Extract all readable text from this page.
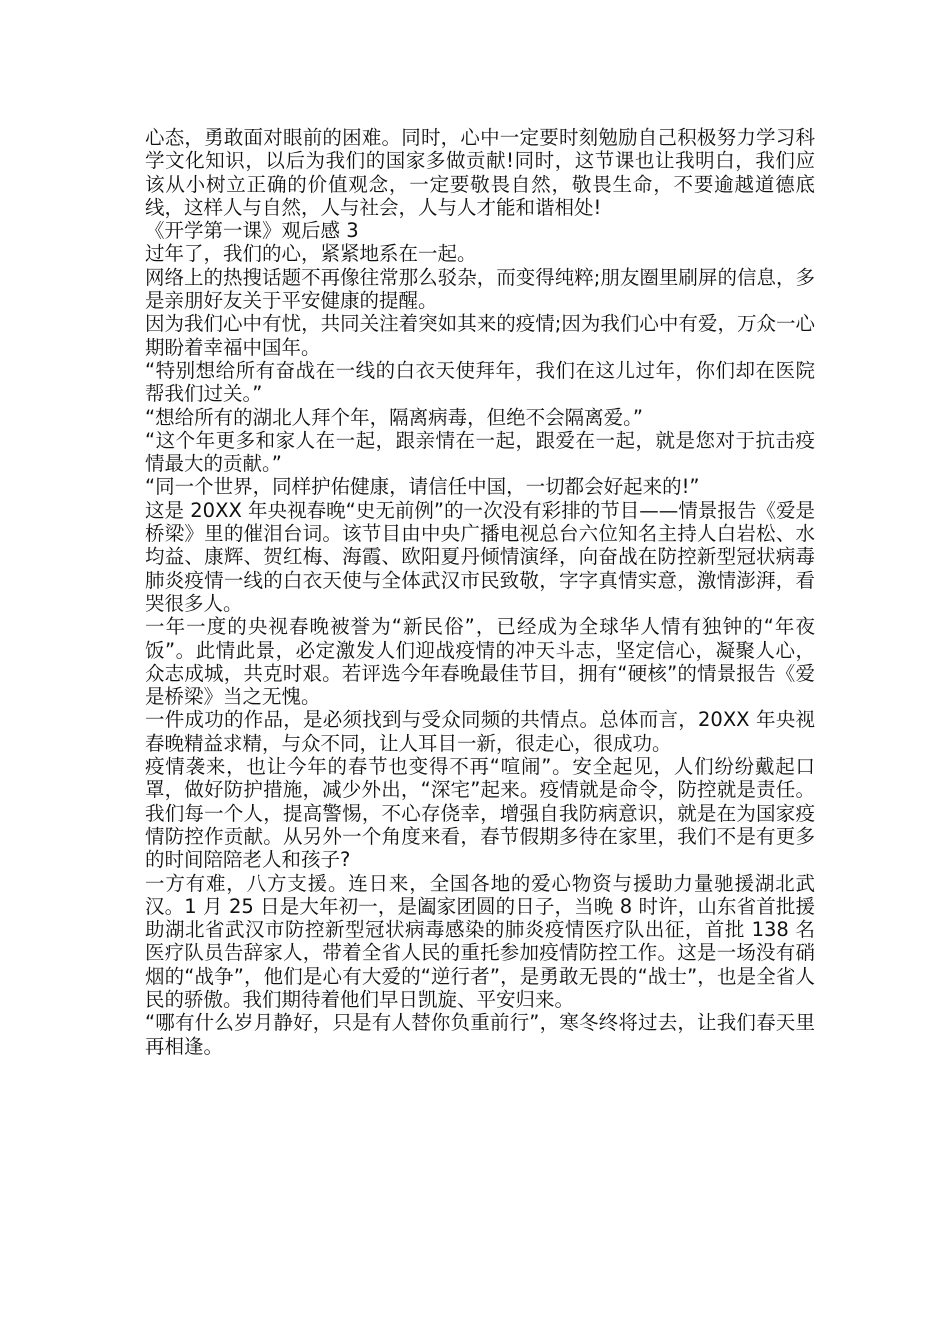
心态，勇敢面对眼前的困难。同时，心中一定要时刻勉励自己积极努力学习科学文化知识，以后为我们的国家多做贡献!同时，这节课也让我明白，我们应该从小树立正确的价值观念，一定要敬畏自然，敬畏生命，不要逾越道德底线，这样人与自然，人与社会，人与人才能和谐相处!

《开学第一课》观后感 3

过年了，我们的心，紧紧地系在一起。

网络上的热搜话题不再像往常那么驳杂，而变得纯粹;朋友圈里刷屏的信息，多是亲朋好友关于平安健康的提醒。

因为我们心中有忧，共同关注着突如其来的疫情;因为我们心中有爱，万众一心期盼着幸福中国年。

“特别想给所有奋战在一线的白衣天使拜年，我们在这儿过年，你们却在医院帮我们过关。”

“想给所有的湖北人拜个年，隔离病毒，但绝不会隔离爱。”

“这个年更多和家人在一起，跟亲情在一起，跟爱在一起，就是您对于抗击疫情最大的贡献。”

“同一个世界，同样护佑健康，请信任中国，一切都会好起来的!”

这是 20XX 年央视春晚“史无前例”的一次没有彩排的节目——情景报告《爱是桥梁》里的催泪台词。该节目由中央广播电视总台六位知名主持人白岩松、水均益、康辉、贺红梅、海霞、欧阳夏丹倾情演绎，向奋战在防控新型冠状病毒肺炎疫情一线的白衣天使与全体武汉市民致敬，字字真情实意，激情澎湃，看哭很多人。

一年一度的央视春晚被誉为“新民俗”，已经成为全球华人情有独钟的“年夜饭”。此情此景，必定激发人们迎战疫情的冲天斗志，坚定信心，凝聚人心，众志成城，共克时艰。若评选今年春晚最佳节目，拥有“硬核”的情景报告《爱是桥梁》当之无愧。

一件成功的作品，是必须找到与受众同频的共情点。总体而言，20XX 年央视春晚精益求精，与众不同，让人耳目一新，很走心，很成功。

疫情袭来，也让今年的春节也变得不再“喧闹”。安全起见，人们纷纷戴起口罩，做好防护措施，减少外出，“深宅”起来。疫情就是命令，防控就是责任。我们每一个人，提高警惕，不心存侥幸，增强自我防病意识，就是在为国家疫情防控作贡献。从另外一个角度来看，春节假期多待在家里，我们不是有更多的时间陪陪老人和孩子?

一方有难，八方支援。连日来，全国各地的爱心物资与援助力量驰援湖北武汉。1 月 25 日是大年初一，是阖家团圆的日子，当晚 8 时许，山东省首批援助湖北省武汉市防控新型冠状病毒感染的肺炎疫情医疗队出征，首批 138 名医疗队员告辞家人，带着全省人民的重托参加疫情防控工作。这是一场没有硝烟的“战争”，他们是心有大爱的“逆行者”，是勇敢无畏的“战士”，也是全省人民的骄傲。我们期待着他们早日凯旋、平安归来。

“哪有什么岁月静好，只是有人替你负重前行”，寒冬终将过去，让我们春天里再相逢。
